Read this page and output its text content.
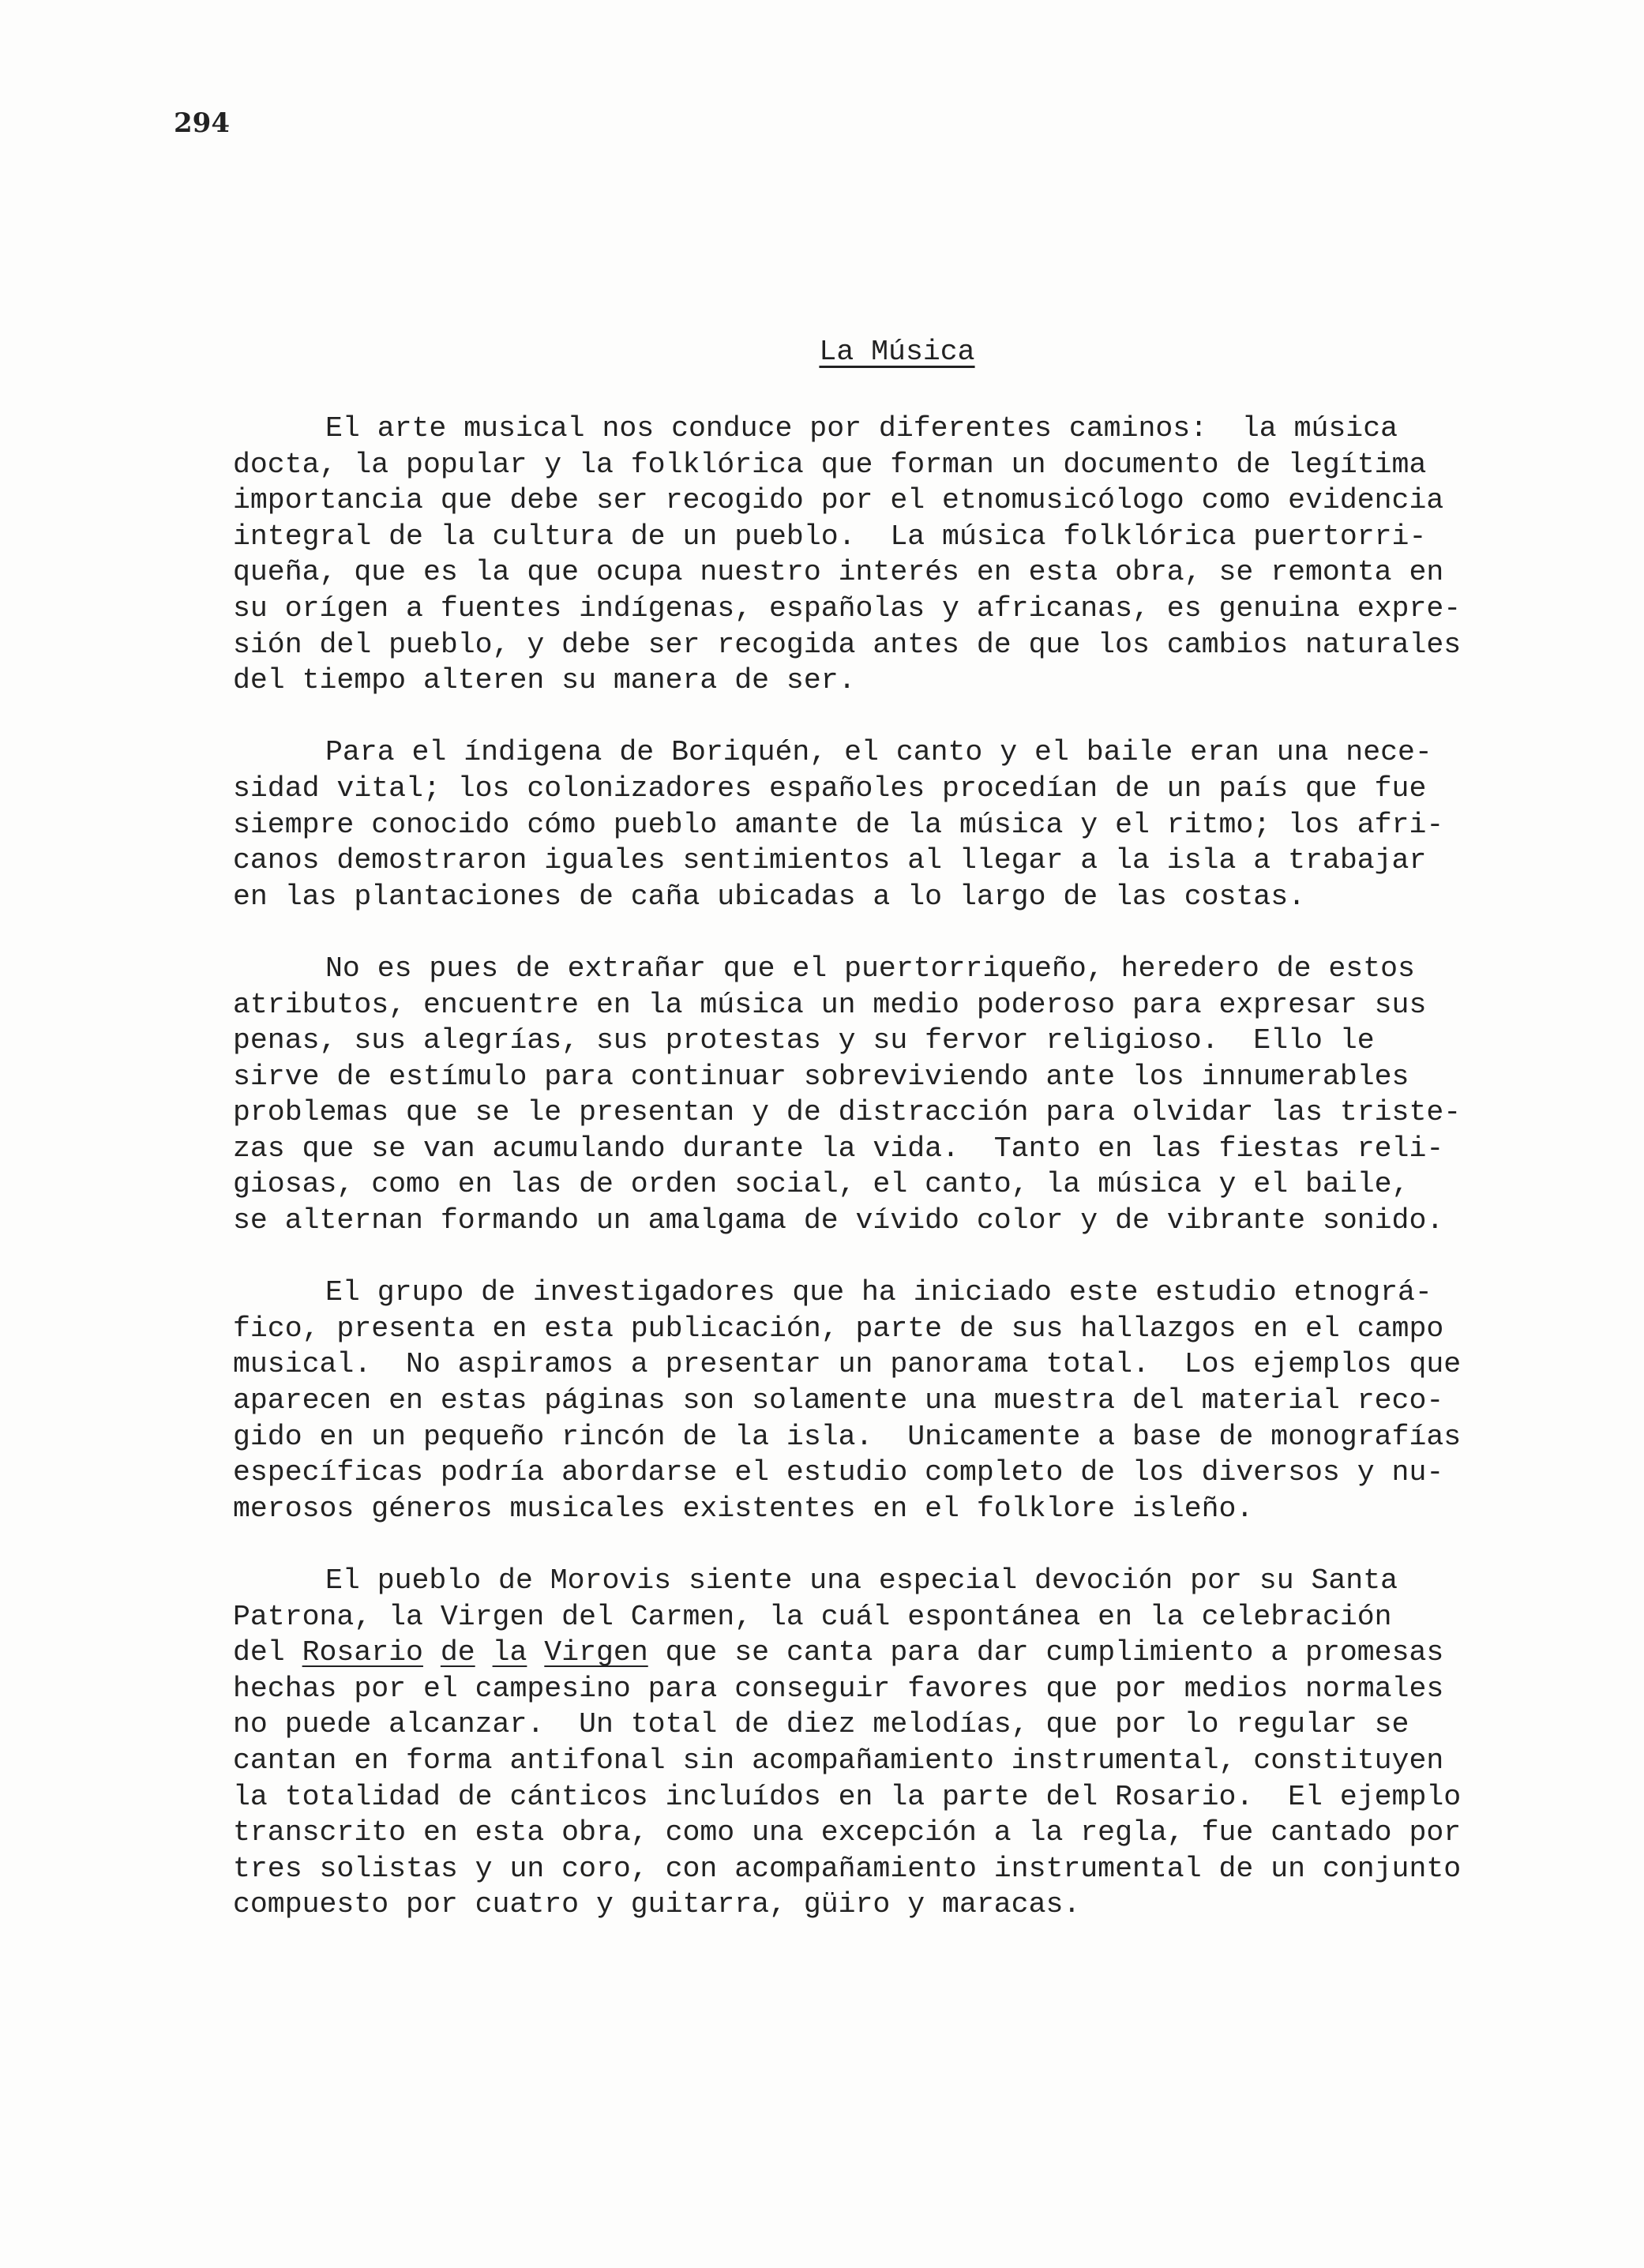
294
La Música
El arte musical nos conduce por diferentes caminos:  la música
docta, la popular y la folklórica que forman un documento de legítima
importancia que debe ser recogido por el etnomusicólogo como evidencia
integral de la cultura de un pueblo.  La música folklórica puertorri-
queña, que es la que ocupa nuestro interés en esta obra, se remonta en
su orígen a fuentes indígenas, españolas y africanas, es genuina expre-
sión del pueblo, y debe ser recogida antes de que los cambios naturales
del tiempo alteren su manera de ser.
Para el índigena de Boriquén, el canto y el baile eran una nece-
sidad vital; los colonizadores españoles procedían de un país que fue
siempre conocido cómo pueblo amante de la música y el ritmo; los afri-
canos demostraron iguales sentimientos al llegar a la isla a trabajar
en las plantaciones de caña ubicadas a lo largo de las costas.
No es pues de extrañar que el puertorriqueño, heredero de estos
atributos, encuentre en la música un medio poderoso para expresar sus
penas, sus alegrías, sus protestas y su fervor religioso.  Ello le
sirve de estímulo para continuar sobreviviendo ante los innumerables
problemas que se le presentan y de distracción para olvidar las triste-
zas que se van acumulando durante la vida.  Tanto en las fiestas reli-
giosas, como en las de orden social, el canto, la música y el baile,
se alternan formando un amalgama de vívido color y de vibrante sonido.
El grupo de investigadores que ha iniciado este estudio etnográ-
fico, presenta en esta publicación, parte de sus hallazgos en el campo
musical.  No aspiramos a presentar un panorama total.  Los ejemplos que
aparecen en estas páginas son solamente una muestra del material reco-
gido en un pequeño rincón de la isla.  Unicamente a base de monografías
específicas podría abordarse el estudio completo de los diversos y nu-
merosos géneros musicales existentes en el folklore isleño.
El pueblo de Morovis siente una especial devoción por su Santa
Patrona, la Virgen del Carmen, la cuál espontánea en la celebración
del Rosario de la Virgen que se canta para dar cumplimiento a promesas
hechas por el campesino para conseguir favores que por medios normales
no puede alcanzar.  Un total de diez melodías, que por lo regular se
cantan en forma antifonal sin acompañamiento instrumental, constituyen
la totalidad de cánticos incluídos en la parte del Rosario.  El ejemplo
transcrito en esta obra, como una excepción a la regla, fue cantado por
tres solistas y un coro, con acompañamiento instrumental de un conjunto
compuesto por cuatro y guitarra, güiro y maracas.
